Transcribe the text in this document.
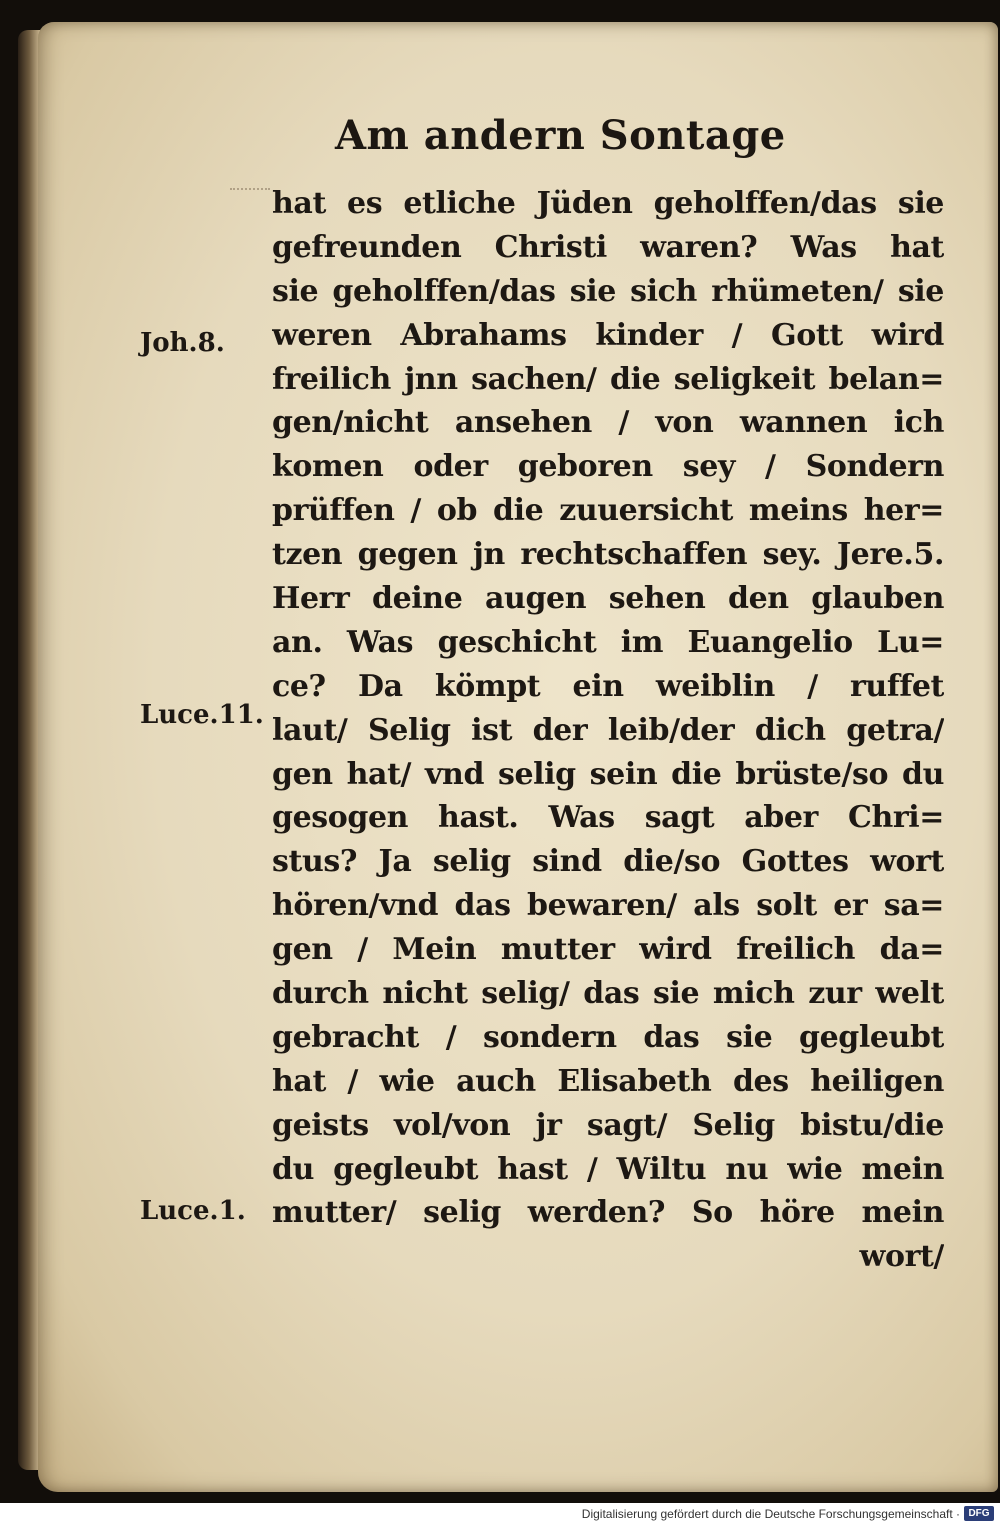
Am andern Sontage
Joh.8.
Luce.11.
Luce.1.
hat es etliche Jüden geholffen/das sie
gefreunden Christi waren? Was hat
sie geholffen/das sie sich rhümeten/ sie
weren Abrahams kinder / Gott wird
freilich jnn sachen/ die seligkeit belan=
gen/nicht ansehen / von wannen ich
komen oder geboren sey / Sondern
prüffen / ob die zuuersicht meins her=
tzen gegen jn rechtschaffen sey. Jere.5.
Herr deine augen sehen den glauben
an. Was geschicht im Euangelio Lu=
ce? Da kömpt ein weiblin / ruffet
laut/ Selig ist der leib/der dich getra/
gen hat/ vnd selig sein die brüste/so du
gesogen hast. Was sagt aber Chri=
stus? Ja selig sind die/so Gottes wort
hören/vnd das bewaren/ als solt er sa=
gen / Mein mutter wird freilich da=
durch nicht selig/ das sie mich zur welt
gebracht / sondern das sie gegleubt
hat / wie auch Elisabeth des heiligen
geists vol/von jr sagt/ Selig bistu/die
du gegleubt hast / Wiltu nu wie mein
mutter/ selig werden? So höre mein
wort/
Digitalisierung gefördert durch die Deutsche Forschungsgemeinschaft · DFG
